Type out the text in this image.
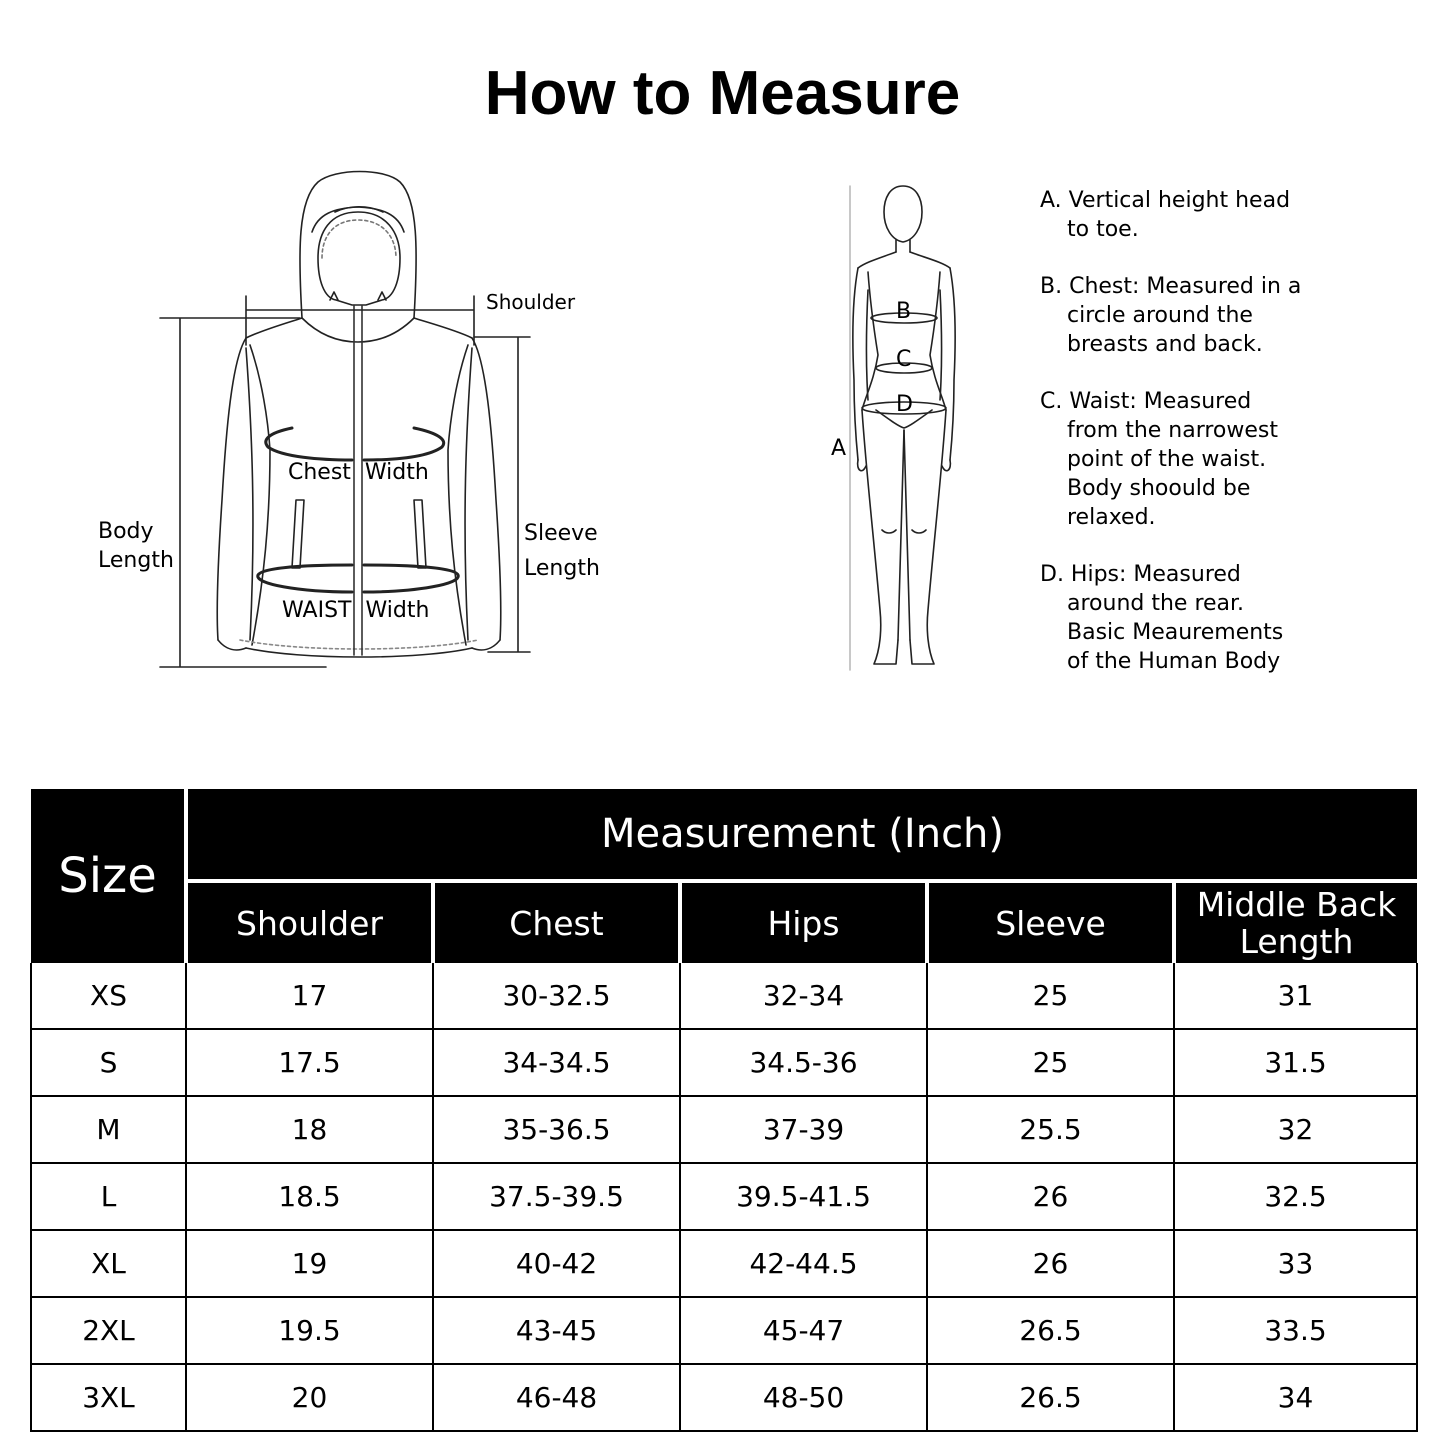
How to Measure
Shoulder
Body
Length
Sleeve
Length
Chest  Width
WAIST  Width
A
B
C
D
A. Vertical height head
to toe.
B. Chest: Measured in a
circle around the
breasts and back.
C. Waist: Measured
from the narrowest
point of the waist.
Body shoould be
relaxed.
D. Hips: Measured
around the rear.
Basic Meaurements
of the Human Body
Size	Measurement (Inch)				
	Shoulder	Chest	Hips	Sleeve	Middle Back Length
XS	17	30-32.5	32-34	25	31
S	17.5	34-34.5	34.5-36	25	31.5
M	18	35-36.5	37-39	25.5	32
L	18.5	37.5-39.5	39.5-41.5	26	32.5
XL	19	40-42	42-44.5	26	33
2XL	19.5	43-45	45-47	26.5	33.5
3XL	20	46-48	48-50	26.5	34
